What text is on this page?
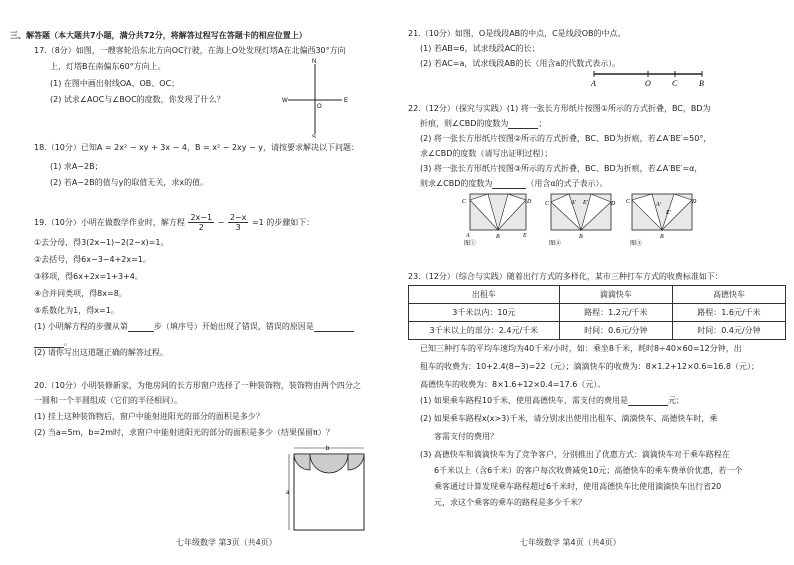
三、解答题（本大题共7小题，满分共72分，将解答过程写在答题卡的相应位置上）
17.（8分）如图，一艘客轮沿东北方向OC行驶，在海上O处发现灯塔A在北偏西30°方向
上，灯塔B在南偏东60°方向上。
(1) 在图中画出射线OA、OB、OC；
(2) 试求∠AOC与∠BOC的度数，你发现了什么？
N
S
W	E
O
18.（10分）已知A = 2x² − xy + 3x − 4，B = x² − 2xy − y，请按要求解决以下问题：
(1) 求A−2B；
(2) 若A−2B的值与y的取值无关，求x的值。
19.（10分）小明在做数学作业时，解方程 $\frac{2x-1}{2} - \frac{2-x}{3} =1$ 的步骤如下：
①去分母，得3(2x−1)−2(2−x)=1。
②去括号，得6x−3−4+2x=1。
③移项，得6x+2x=1+3+4。
④合并同类项，得8x=8。
⑤系数化为1，得x=1。
(1) 小明解方程的步骤从第	步（填序号）开始出现了错误，错误的原因是
。
(2) 请你写出这道题正确的解答过程。
20.（10分）小明装修新家，为他房间的长方形窗户选择了一种装饰物，装饰物由两个四分之
一圆和一个半圆组成（它们的半径相同）。
(1) 挂上这种装饰物后，窗户中能射进阳光的部分的面积是多少？
(2) 当a=5m，b=2m时，求窗户中能射进阳光的部分的面积是多少（结果保留π）？
b
a
七年级数学 第3页（共4页）
21.（10分）如图，O是线段AB的中点，C是线段OB的中点。
(1) 若AB=6，试求线段AC的长；
(2) 若AC=a，试求线段AB的长（用含a的代数式表示）。
A	O	C	B
22.（12分）（探究与实践）(1) 将一张长方形纸片按图①所示的方式折叠，BC，BD为
折痕，则∠CBD的度数为	；
(2) 将一张长方形纸片按图②所示的方式折叠，BC、BD为折痕，若∠A′BE′=50°，
求∠CBD的度数（请写出证明过程）；
(3) 将一张长方形纸片按图③所示的方式折叠，BC、BD为折痕，若∠A′BE′=α，
则求∠CBD的度数为	（用含α的式子表示）。
C	D
B
A	E
图①
C	D
A′ E′
B
图②
C	D
A′
E′
B
图③
23.（12分）（综合与实践）随着出行方式的多样化，某市三种打车方式的收费标准如下：
出租车	滴滴快车	高德快车
3千米以内：10元	路程：1.2元/千米	路程：1.6元/千米
3千米以上的部分：2.4元/千米	时间：0.6元/分钟	时间：0.4元/分钟
已知三种打车的平均车速均为40千米/小时，如：乘坐8千米，耗时8÷40×60=12分钟，出
租车的收费为：10+2.4(8−3)=22（元）；滴滴快车的收费为：8×1.2+12×0.6=16.8（元）；
高德快车的收费为：8×1.6+12×0.4=17.6（元）。
(1) 如果乘车路程10千米，使用高德快车，需支付的费用是	元；
(2) 如果乘车路程x(x>3)千米，请分别求出使用出租车、滴滴快车、高德快车时，乘
客需支付的费用？
(3) 高德快车和滴滴快车为了竞争客户，分别推出了优惠方式：滴滴快车对于乘车路程在
6千米以上（含6千米）的客户每次收费减免10元；高德快车的乘车费单价优惠，若一个
乘客通过计算发现乘车路程超过6千米时，使用高德快车比使用滴滴快车出行省20
元，求这个乘客的乘车的路程是多少千米？
七年级数学 第4页（共4页）
